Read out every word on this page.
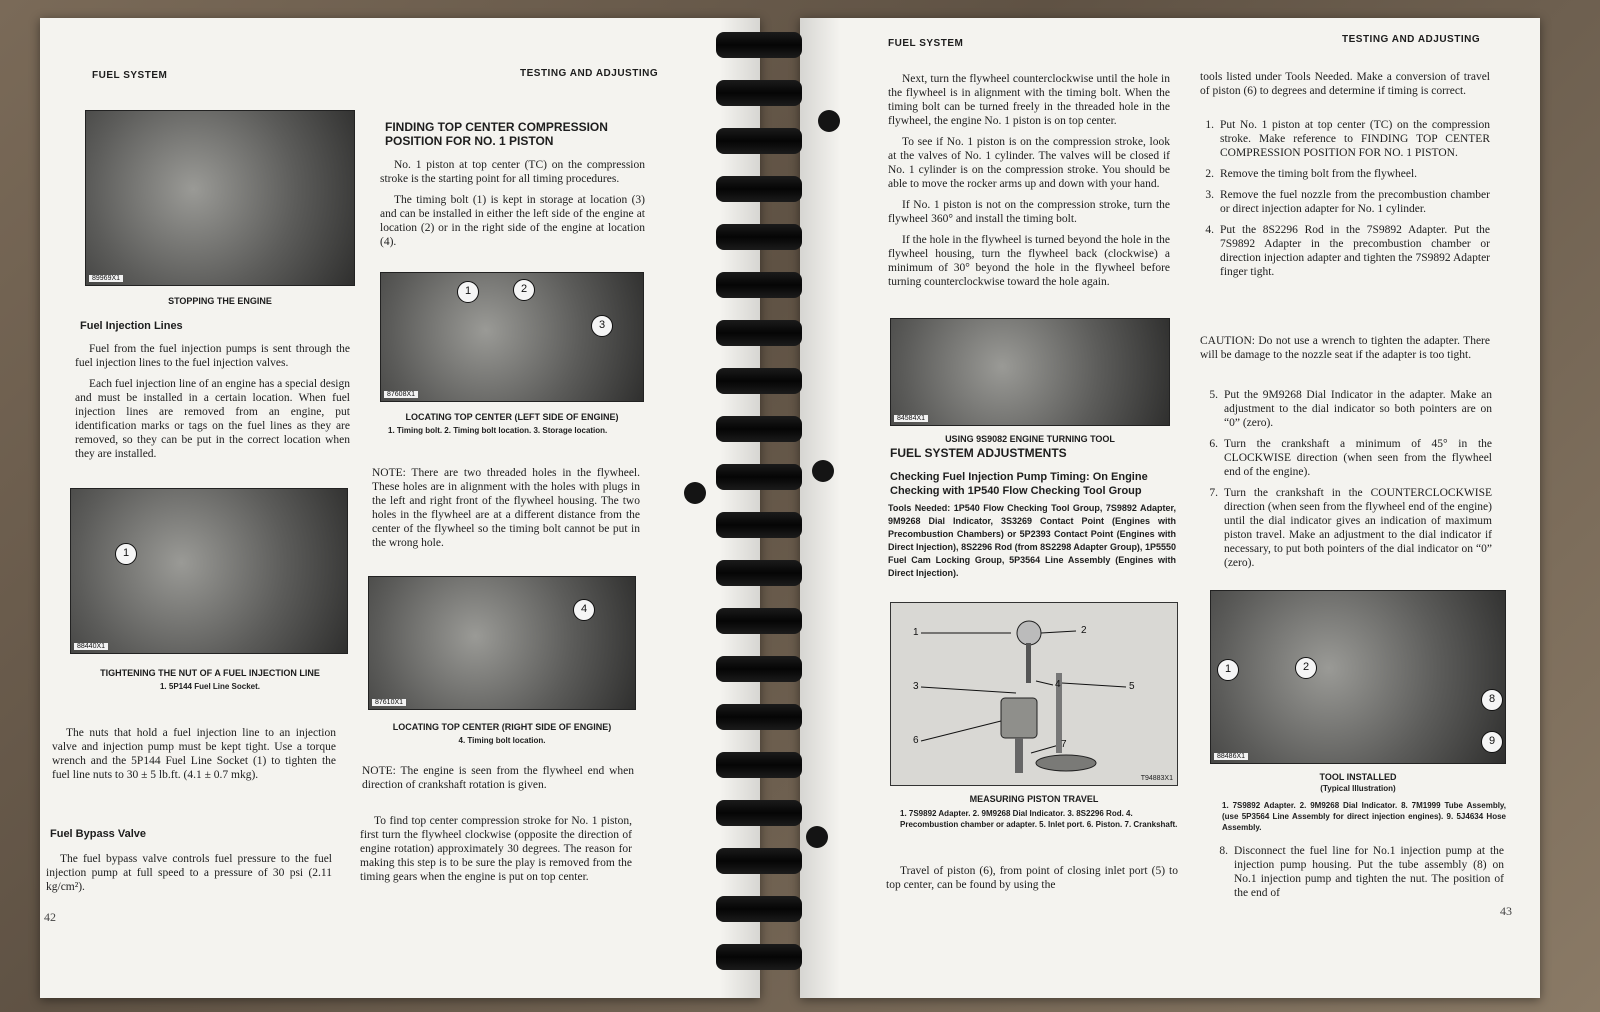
FUEL SYSTEM	TESTING AND ADJUSTING
89969X1
STOPPING THE ENGINE
Fuel Injection Lines

Fuel from the fuel injection pumps is sent through the fuel injection lines to the fuel injection valves.

Each fuel injection line of an engine has a special design and must be installed in a certain location. When fuel injection lines are removed from an engine, put identification marks or tags on the fuel lines as they are removed, so they can be put in the correct location when they are installed.

1
88440X1
TIGHTENING THE NUT OF A FUEL INJECTION LINE
1. 5P144 Fuel Line Socket.

The nuts that hold a fuel injection line to an injection valve and injection pump must be kept tight. Use a torque wrench and the 5P144 Fuel Line Socket (1) to tighten the fuel line nuts to 30 ± 5 lb.ft. (4.1 ± 0.7 mkg).

Fuel Bypass Valve

The fuel bypass valve controls fuel pressure to the fuel injection pump at full speed to a pressure of 30 psi (2.11 kg/cm²).

42
FINDING TOP CENTER COMPRESSION POSITION FOR NO. 1 PISTON

No. 1 piston at top center (TC) on the compression stroke is the starting point for all timing procedures.

The timing bolt (1) is kept in storage at location (3) and can be installed in either the left side of the engine at location (2) or in the right side of the engine at location (4).

1	2
3
87608X1
LOCATING TOP CENTER (LEFT SIDE OF ENGINE)
1. Timing bolt. 2. Timing bolt location. 3. Storage location.

NOTE: There are two threaded holes in the flywheel. These holes are in alignment with the holes with plugs in the left and right front of the flywheel housing. The two holes in the flywheel are at a different distance from the center of the flywheel so the timing bolt cannot be put in the wrong hole.

4
87610X1
LOCATING TOP CENTER (RIGHT SIDE OF ENGINE)
4. Timing bolt location.

NOTE: The engine is seen from the flywheel end when direction of crankshaft rotation is given.

To find top center compression stroke for No. 1 piston, first turn the flywheel clockwise (opposite the direction of engine rotation) approximately 30 degrees. The reason for making this step is to be sure the play is removed from the timing gears when the engine is put on top center.

FUEL SYSTEM	TESTING AND ADJUSTING

Next, turn the flywheel counterclockwise until the hole in the flywheel is in alignment with the timing bolt. When the timing bolt can be turned freely in the threaded hole in the flywheel, the engine No. 1 piston is on top center.

To see if No. 1 piston is on the compression stroke, look at the valves of No. 1 cylinder. The valves will be closed if No. 1 cylinder is on the compression stroke. You should be able to move the rocker arms up and down with your hand.

If No. 1 piston is not on the compression stroke, turn the flywheel 360° and install the timing bolt.

If the hole in the flywheel is turned beyond the hole in the flywheel housing, turn the flywheel back (clockwise) a minimum of 30° beyond the hole in the flywheel before turning counterclockwise toward the hole again.

84584X1
USING 9S9082 ENGINE TURNING TOOL
FUEL SYSTEM ADJUSTMENTS
Checking Fuel Injection Pump Timing: On Engine Checking with 1P540 Flow Checking Tool Group
Tools Needed: 1P540 Flow Checking Tool Group, 7S9892 Adapter, 9M9268 Dial Indicator, 3S3269 Contact Point (Engines with Precombustion Chambers) or 5P2393 Contact Point (Engines with Direct Injection), 8S2296 Rod (from 8S2298 Adapter Group), 1P5550 Fuel Cam Locking Group, 5P3564 Line Assembly (Engines with Direct Injection).
1	2
3	4	5
6	7
T94883X1
MEASURING PISTON TRAVEL
1. 7S9892 Adapter. 2. 9M9268 Dial Indicator. 3. 8S2296 Rod. 4. Precombustion chamber or adapter. 5. Inlet port. 6. Piston. 7. Crankshaft.

Travel of piston (6), from point of closing inlet port (5) to top center, can be found by using the

tools listed under Tools Needed. Make a conversion of travel of piston (6) to degrees and determine if timing is correct.

1. Put No. 1 piston at top center (TC) on the compression stroke. Make reference to FINDING TOP CENTER COMPRESSION POSITION FOR NO. 1 PISTON.
2. Remove the timing bolt from the flywheel.
3. Remove the fuel nozzle from the precombustion chamber or direct injection adapter for No. 1 cylinder.
4. Put the 8S2296 Rod in the 7S9892 Adapter. Put the 7S9892 Adapter in the precombustion chamber or direction injection adapter and tighten the 7S9892 Adapter finger tight.

CAUTION: Do not use a wrench to tighten the adapter. There will be damage to the nozzle seat if the adapter is too tight.

5. Put the 9M9268 Dial Indicator in the adapter. Make an adjustment to the dial indicator so both pointers are on “0” (zero).
6. Turn the crankshaft a minimum of 45° in the CLOCKWISE direction (when seen from the flywheel end of the engine).
7. Turn the crankshaft in the COUNTERCLOCKWISE direction (when seen from the flywheel end of the engine) until the dial indicator gives an indication of maximum piston travel. Make an adjustment to the dial indicator if necessary, to put both pointers of the dial indicator on “0” (zero).
1	2
8
9
88486X1
TOOL INSTALLED
(Typical Illustration)
1. 7S9892 Adapter. 2. 9M9268 Dial Indicator. 8. 7M1999 Tube Assembly, (use 5P3564 Line Assembly for direct injection engines). 9. 5J4634 Hose Assembly.
8. Disconnect the fuel line for No.1 injection pump at the injection pump housing. Put the tube assembly (8) on No.1 injection pump and tighten the nut. The position of the end of
43
